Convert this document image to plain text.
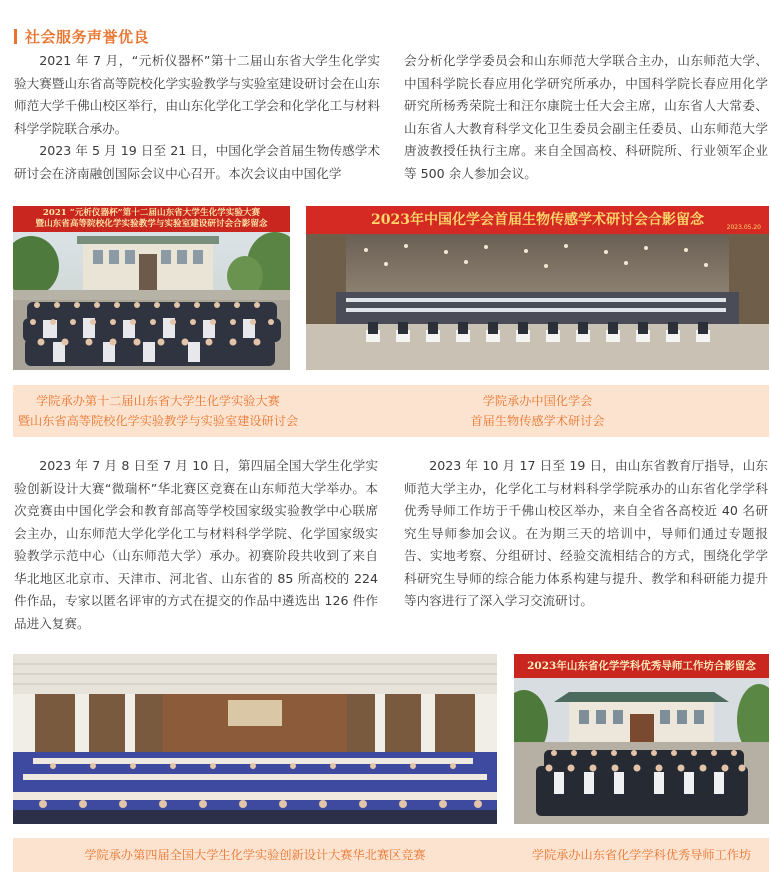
社会服务声誉优良

2021 年 7 月，“元析仪器杯”第十二届山东省大学生化学实验大赛暨山东省高等院校化学实验教学与实验室建设研讨会在山东师范大学千佛山校区举行，由山东化学化工学会和化学化工与材料科学学院联合承办。

2023 年 5 月 19 日至 21 日，中国化学会首届生物传感学术研讨会在济南融创国际会议中心召开。本次会议由中国化学

会分析化学学委员会和山东师范大学联合主办，山东师范大学、中国科学院长春应用化学研究所承办，中国科学院长春应用化学研究所杨秀荣院士和汪尔康院士任大会主席，山东省人大常委、山东省人大教育科学文化卫生委员会副主任委员、山东师范大学唐波教授任执行主席。来自全国高校、科研院所、行业领军企业等 500 余人参加会议。

2021 “元析仪器杯”第十二届山东省大学生化学实验大赛
暨山东省高等院校化学实验教学与实验室建设研讨会合影留念	2023年中国化学会首届生物传感学术研讨会合影留念	2023.05.20
学院承办第十二届山东省大学生化学实验大赛
暨山东省高等院校化学实验教学与实验室建设研讨会
学院承办中国化学会
首届生物传感学术研讨会

2023 年 7 月 8 日至 7 月 10 日，第四届全国大学生化学实验创新设计大赛“微瑞杯”华北赛区竞赛在山东师范大学举办。本次竞赛由中国化学会和教育部高等学校国家级实验教学中心联席会主办，山东师范大学化学化工与材料科学学院、化学国家级实验教学示范中心（山东师范大学）承办。初赛阶段共收到了来自华北地区北京市、天津市、河北省、山东省的 85 所高校的 224 件作品，专家以匿名评审的方式在提交的作品中遴选出 126 件作品进入复赛。

2023 年 10 月 17 日至 19 日，由山东省教育厅指导，山东师范大学主办，化学化工与材料科学学院承办的山东省化学学科优秀导师工作坊于千佛山校区举办，来自全省各高校近 40 名研究生导师参加会议。在为期三天的培训中，导师们通过专题报告、实地考察、分组研讨、经验交流相结合的方式，围绕化学学科研究生导师的综合能力体系构建与提升、教学和科研能力提升等内容进行了深入学习交流研讨。

2023年山东省化学学科优秀导师工作坊合影留念
学院承办第四届全国大学生化学实验创新设计大赛华北赛区竞赛	学院承办山东省化学学科优秀导师工作坊
